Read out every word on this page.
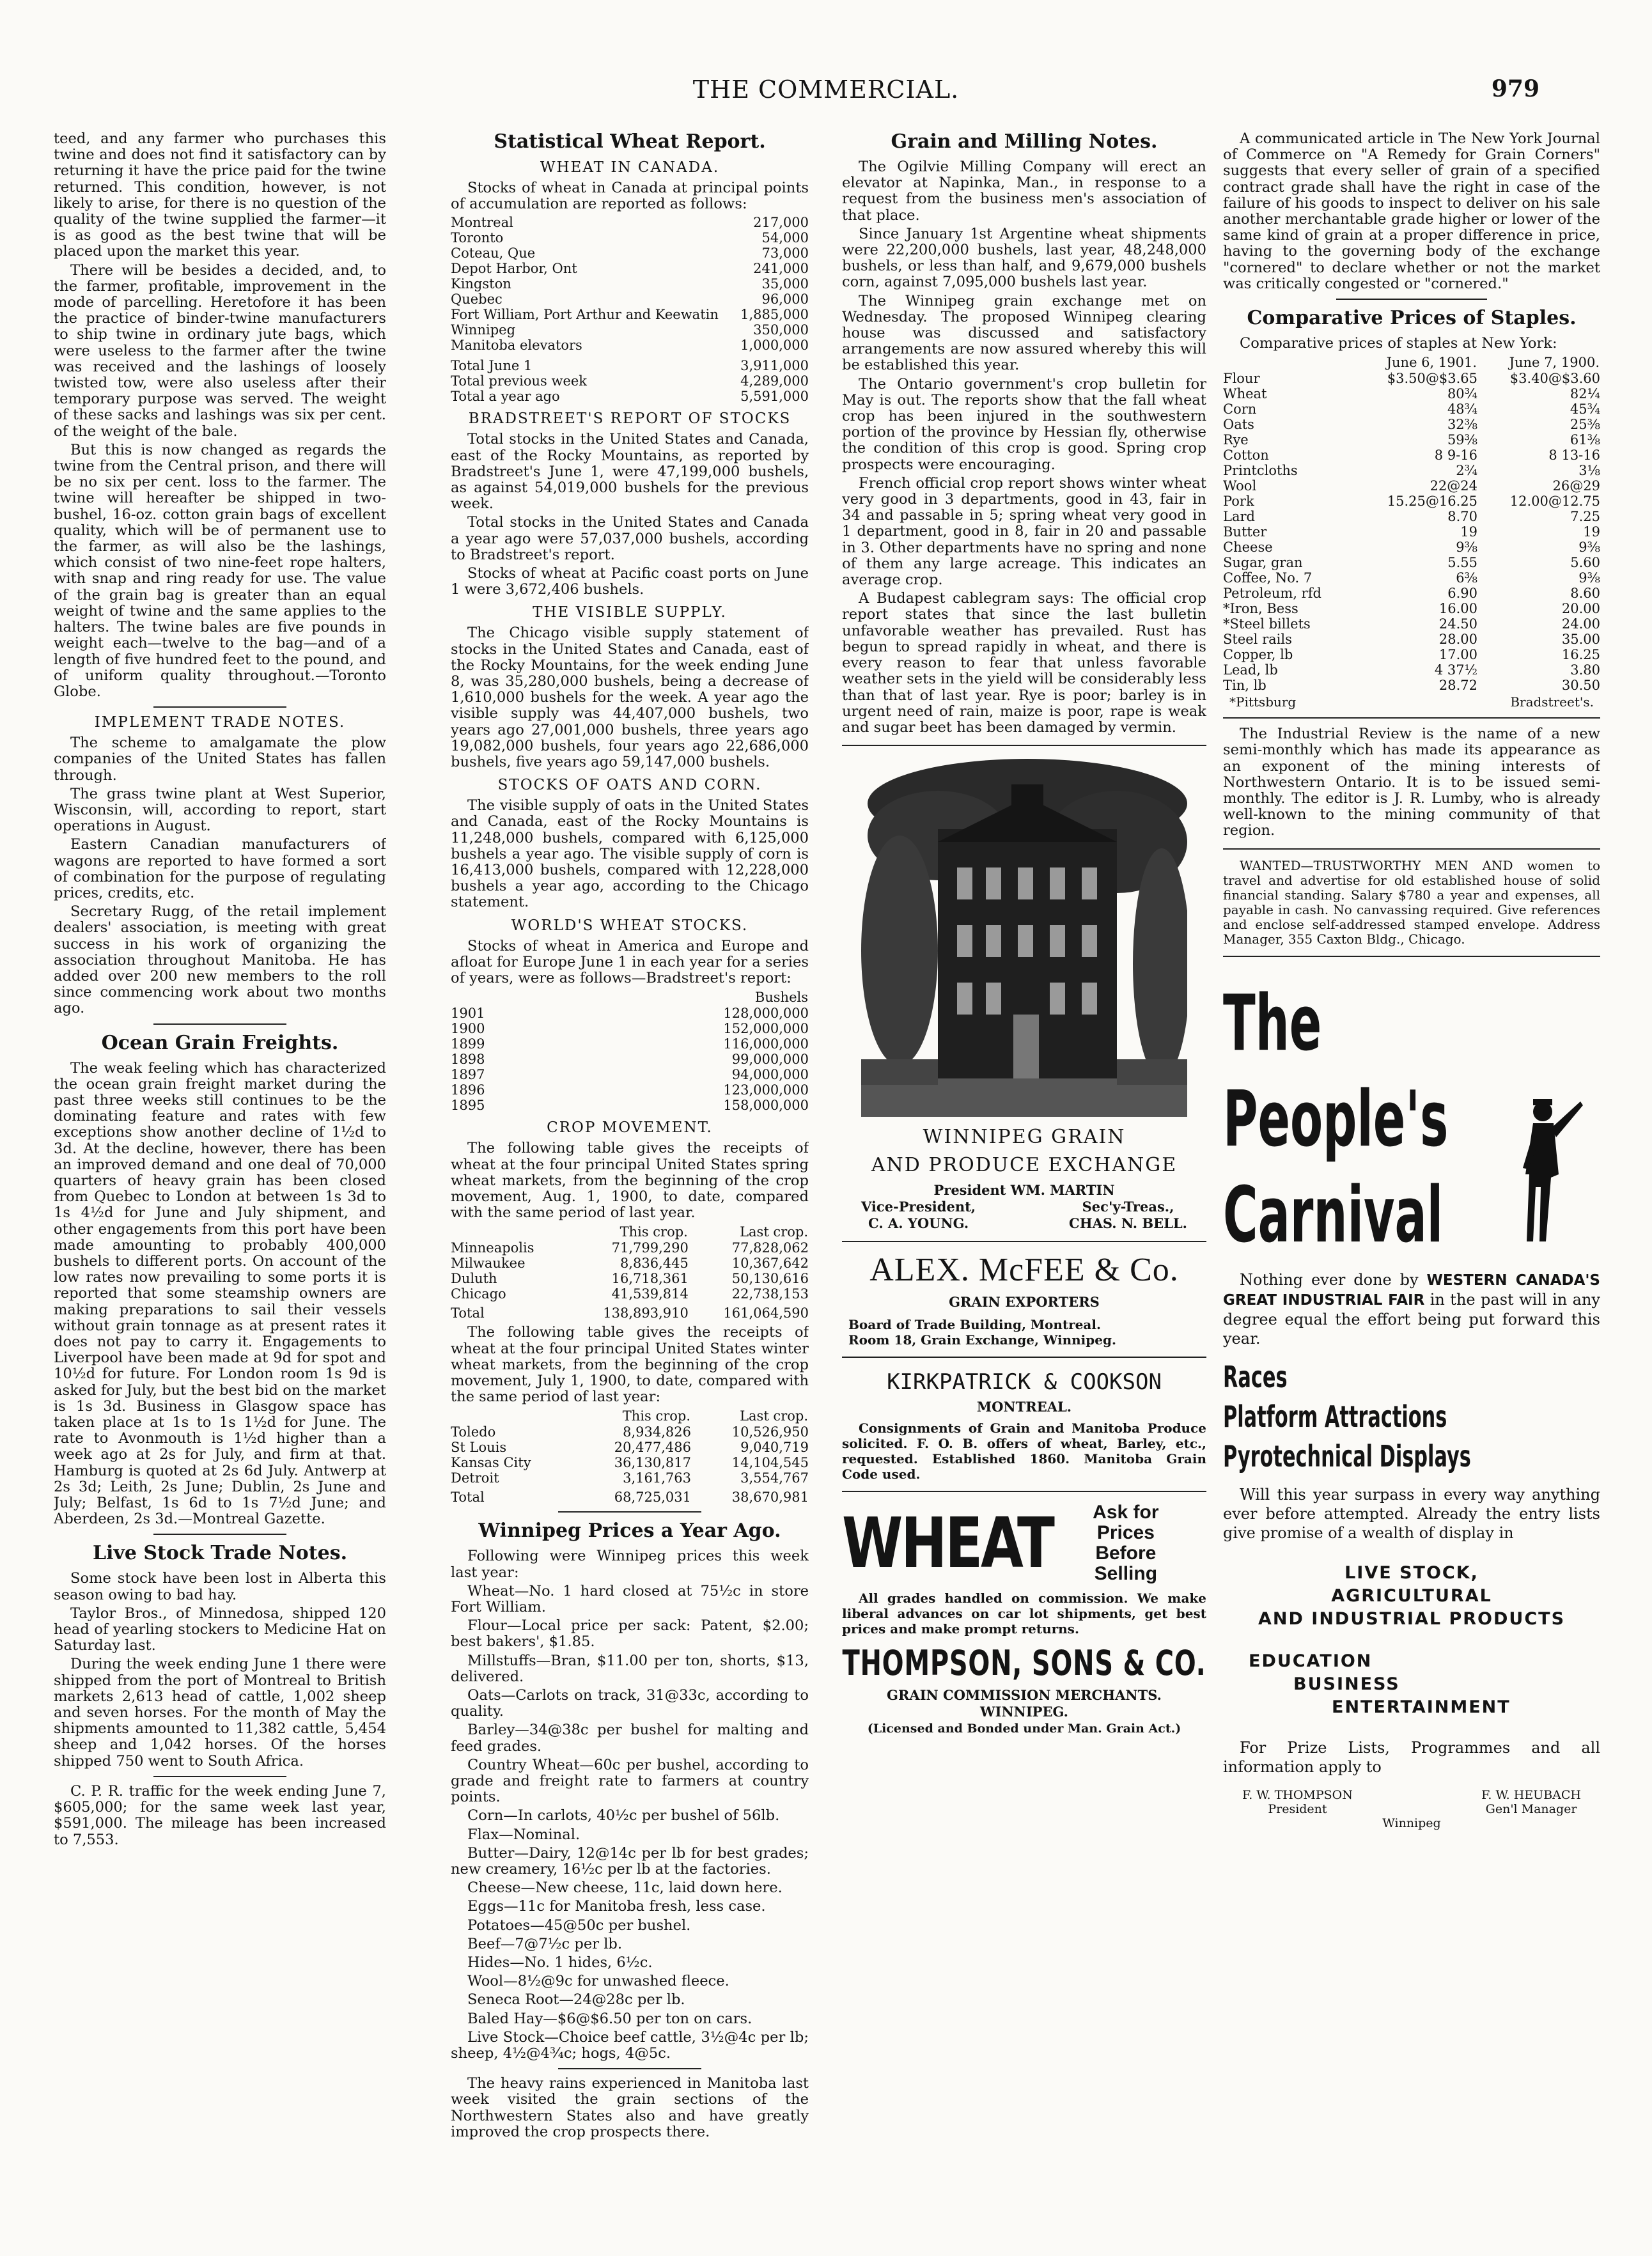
THE COMMERCIAL.	979

teed, and any farmer who purchases this twine and does not find it satisfactory can by returning it have the price paid for the twine returned. This condition, however, is not likely to arise, for there is no question of the quality of the twine supplied the farmer—it is as good as the best twine that will be placed upon the market this year.

There will be besides a decided, and, to the farmer, profitable, improvement in the mode of parcelling. Heretofore it has been the practice of binder-twine manufacturers to ship twine in ordinary jute bags, which were useless to the farmer after the twine was received and the lashings of loosely twisted tow, were also useless after their temporary purpose was served. The weight of these sacks and lashings was six per cent. of the weight of the bale.

But this is now changed as regards the twine from the Central prison, and there will be no six per cent. loss to the farmer. The twine will hereafter be shipped in two-bushel, 16-oz. cotton grain bags of excellent quality, which will be of permanent use to the farmer, as will also be the lashings, which consist of two nine-feet rope halters, with snap and ring ready for use. The value of the grain bag is greater than an equal weight of twine and the same applies to the halters. The twine bales are five pounds in weight each—twelve to the bag—and of a length of five hundred feet to the pound, and of uniform quality throughout.—Toronto Globe.

IMPLEMENT TRADE NOTES.

The scheme to amalgamate the plow companies of the United States has fallen through.

The grass twine plant at West Superior, Wisconsin, will, according to report, start operations in August.

Eastern Canadian manufacturers of wagons are reported to have formed a sort of combination for the purpose of regulating prices, credits, etc.

Secretary Rugg, of the retail implement dealers' association, is meeting with great success in his work of organizing the association throughout Manitoba. He has added over 200 new members to the roll since commencing work about two months ago.

Ocean Grain Freights.

The weak feeling which has characterized the ocean grain freight market during the past three weeks still continues to be the dominating feature and rates with few exceptions show another decline of 1½d to 3d. At the decline, however, there has been an improved demand and one deal of 70,000 quarters of heavy grain has been closed from Quebec to London at between 1s 3d to 1s 4½d for June and July shipment, and other engagements from this port have been made amounting to probably 400,000 bushels to different ports. On account of the low rates now prevailing to some ports it is reported that some steamship owners are making preparations to sail their vessels without grain tonnage as at present rates it does not pay to carry it. Engagements to Liverpool have been made at 9d for spot and 10½d for future. For London room 1s 9d is asked for July, but the best bid on the market is 1s 3d. Business in Glasgow space has taken place at 1s to 1s 1½d for June. The rate to Avonmouth is 1½d higher than a week ago at 2s for July, and firm at that. Hamburg is quoted at 2s 6d July. Antwerp at 2s 3d; Leith, 2s June; Dublin, 2s June and July; Belfast, 1s 6d to 1s 7½d June; and Aberdeen, 2s 3d.—Montreal Gazette.

Live Stock Trade Notes.

Some stock have been lost in Alberta this season owing to bad hay.

Taylor Bros., of Minnedosa, shipped 120 head of yearling stockers to Medicine Hat on Saturday last.

During the week ending June 1 there were shipped from the port of Montreal to British markets 2,613 head of cattle, 1,002 sheep and seven horses. For the month of May the shipments amounted to 11,382 cattle, 5,454 sheep and 1,042 horses. Of the horses shipped 750 went to South Africa.

C. P. R. traffic for the week ending June 7, $605,000; for the same week last year, $591,000. The mileage has been increased to 7,553.

Statistical Wheat Report.
WHEAT IN CANADA.

Stocks of wheat in Canada at principal points of accumulation are reported as follows:

Montreal	217,000
Toronto	54,000
Coteau, Que	73,000
Depot Harbor, Ont	241,000
Kingston	35,000
Quebec	96,000
Fort William, Port Arthur and Keewatin	1,885,000
Winnipeg	350,000
Manitoba elevators	1,000,000
Total June 1	3,911,000
Total previous week	4,289,000
Total a year ago	5,591,000
BRADSTREET'S REPORT OF STOCKS

Total stocks in the United States and Canada, east of the Rocky Mountains, as reported by Bradstreet's June 1, were 47,199,000 bushels, as against 54,019,000 bushels for the previous week.

Total stocks in the United States and Canada a year ago were 57,037,000 bushels, according to Bradstreet's report.

Stocks of wheat at Pacific coast ports on June 1 were 3,672,406 bushels.

THE VISIBLE SUPPLY.

The Chicago visible supply statement of stocks in the United States and Canada, east of the Rocky Mountains, for the week ending June 8, was 35,280,000 bushels, being a decrease of 1,610,000 bushels for the week. A year ago the visible supply was 44,407,000 bushels, two years ago 27,001,000 bushels, three years ago 19,082,000 bushels, four years ago 22,686,000 bushels, five years ago 59,147,000 bushels.

STOCKS OF OATS AND CORN.

The visible supply of oats in the United States and Canada, east of the Rocky Mountains is 11,248,000 bushels, compared with 6,125,000 bushels a year ago. The visible supply of corn is 16,413,000 bushels, compared with 12,228,000 bushels a year ago, according to the Chicago statement.

WORLD'S WHEAT STOCKS.

Stocks of wheat in America and Europe and afloat for Europe June 1 in each year for a series of years, were as follows—Bradstreet's report:

	Bushels
1901	128,000,000
1900	152,000,000
1899	116,000,000
1898	99,000,000
1897	94,000,000
1896	123,000,000
1895	158,000,000
CROP MOVEMENT.

The following table gives the receipts of wheat at the four principal United States spring wheat markets, from the beginning of the crop movement, Aug. 1, 1900, to date, compared with the same period of last year.

	This crop.	Last crop.
Minneapolis	71,799,290	77,828,062
Milwaukee	8,836,445	10,367,642
Duluth	16,718,361	50,130,616
Chicago	41,539,814	22,738,153
Total	138,893,910	161,064,590

The following table gives the receipts of wheat at the four principal United States winter wheat markets, from the beginning of the crop movement, July 1, 1900, to date, compared with the same period of last year:

	This crop.	Last crop.
Toledo	8,934,826	10,526,950
St Louis	20,477,486	9,040,719
Kansas City	36,130,817	14,104,545
Detroit	3,161,763	3,554,767
Total	68,725,031	38,670,981
Winnipeg Prices a Year Ago.

Following were Winnipeg prices this week last year:

Wheat—No. 1 hard closed at 75½c in store Fort William.

Flour—Local price per sack: Patent, $2.00; best bakers', $1.85.

Millstuffs—Bran, $11.00 per ton, shorts, $13, delivered.

Oats—Carlots on track, 31@33c, according to quality.

Barley—34@38c per bushel for malting and feed grades.

Country Wheat—60c per bushel, according to grade and freight rate to farmers at country points.

Corn—In carlots, 40½c per bushel of 56lb.

Flax—Nominal.

Butter—Dairy, 12@14c per lb for best grades; new creamery, 16½c per lb at the factories.

Cheese—New cheese, 11c, laid down here.

Eggs—11c for Manitoba fresh, less case.

Potatoes—45@50c per bushel.

Beef—7@7½c per lb.

Hides—No. 1 hides, 6½c.

Wool—8½@9c for unwashed fleece.

Seneca Root—24@28c per lb.

Baled Hay—$6@$6.50 per ton on cars.

Live Stock—Choice beef cattle, 3½@4c per lb; sheep, 4½@4¾c; hogs, 4@5c.

The heavy rains experienced in Manitoba last week visited the grain sections of the Northwestern States also and have greatly improved the crop prospects there.

Grain and Milling Notes.

The Ogilvie Milling Company will erect an elevator at Napinka, Man., in response to a request from the business men's association of that place.

Since January 1st Argentine wheat shipments were 22,200,000 bushels, last year, 48,248,000 bushels, or less than half, and 9,679,000 bushels corn, against 7,095,000 bushels last year.

The Winnipeg grain exchange met on Wednesday. The proposed Winnipeg clearing house was discussed and satisfactory arrangements are now assured whereby this will be established this year.

The Ontario government's crop bulletin for May is out. The reports show that the fall wheat crop has been injured in the southwestern portion of the province by Hessian fly, otherwise the condition of this crop is good. Spring crop prospects were encouraging.

French official crop report shows winter wheat very good in 3 departments, good in 43, fair in 34 and passable in 5; spring wheat very good in 1 department, good in 8, fair in 20 and passable in 3. Other departments have no spring and none of them any large acreage. This indicates an average crop.

A Budapest cablegram says: The official crop report states that since the last bulletin unfavorable weather has prevailed. Rust has begun to spread rapidly in wheat, and there is every reason to fear that unless favorable weather sets in the yield will be considerably less than that of last year. Rye is poor; barley is in urgent need of rain, maize is poor, rape is weak and sugar beet has been damaged by vermin.

WINNIPEG GRAIN
AND PRODUCE EXCHANGE
President WM. MARTIN
Vice-President,
C. A. YOUNG.
Sec'y-Treas.,
CHAS. N. BELL.
ALEX. McFEE & Co.
GRAIN EXPORTERS
Board of Trade Building, Montreal.
Room 18, Grain Exchange, Winnipeg.
KIRKPATRICK & COOKSON
MONTREAL.

Consignments of Grain and Manitoba Produce solicited. F. O. B. offers of wheat, Barley, etc., requested. Established 1860. Manitoba Grain Code used.

WHEAT Ask for
Prices
Before
Selling

All grades handled on commission. We make liberal advances on car lot shipments, get best prices and make prompt returns.

THOMPSON, SONS & CO.
GRAIN COMMISSION MERCHANTS.
WINNIPEG.
(Licensed and Bonded under Man. Grain Act.)

A communicated article in The New York Journal of Commerce on "A Remedy for Grain Corners" suggests that every seller of grain of a specified contract grade shall have the right in case of the failure of his goods to inspect to deliver on his sale another merchantable grade higher or lower of the same kind of grain at a proper difference in price, having to the governing body of the exchange "cornered" to declare whether or not the market was critically congested or "cornered."

Comparative Prices of Staples.

Comparative prices of staples at New York:

	June 6, 1901.	June 7, 1900.
Flour	$3.50@$3.65	$3.40@$3.60
Wheat	80¾	82¼
Corn	48¾	45¾
Oats	32⅜	25⅜
Rye	59⅜	61⅜
Cotton	8 9-16	8 13-16
Printcloths	2¾	3⅛
Wool	22@24	26@29
Pork	15.25@16.25	12.00@12.75
Lard	8.70	7.25
Butter	19	19
Cheese	9⅜	9⅜
Sugar, gran	5.55	5.60
Coffee, No. 7	6⅜	9⅜
Petroleum, rfd	6.90	8.60
*Iron, Bess	16.00	20.00
*Steel billets	24.50	24.00
Steel rails	28.00	35.00
Copper, lb	17.00	16.25
Lead, lb	4 37½	3.80
Tin, lb	28.72	30.50
*Pittsburg	Bradstreet's.

The Industrial Review is the name of a new semi-monthly which has made its appearance as an exponent of the mining interests of Northwestern Ontario. It is to be issued semi-monthly. The editor is J. R. Lumby, who is already well-known to the mining community of that region.

WANTED—TRUSTWORTHY MEN AND women to travel and advertise for old established house of solid financial standing. Salary $780 a year and expenses, all payable in cash. No canvassing required. Give references and enclose self-addressed stamped envelope. Address Manager, 355 Caxton Bldg., Chicago.

The
People's
Carnival

Nothing ever done by WESTERN CANADA'S GREAT INDUSTRIAL FAIR in the past will in any degree equal the effort being put forward this year.

Races
Platform Attractions
Pyrotechnical Displays

Will this year surpass in every way anything ever before attempted. Already the entry lists give promise of a wealth of display in

LIVE STOCK,
AGRICULTURAL
AND INDUSTRIAL PRODUCTS
EDUCATION
BUSINESS
ENTERTAINMENT

For Prize Lists, Programmes and all information apply to

F. W. THOMPSON
President
F. W. HEUBACH
Gen'l Manager
Winnipeg
